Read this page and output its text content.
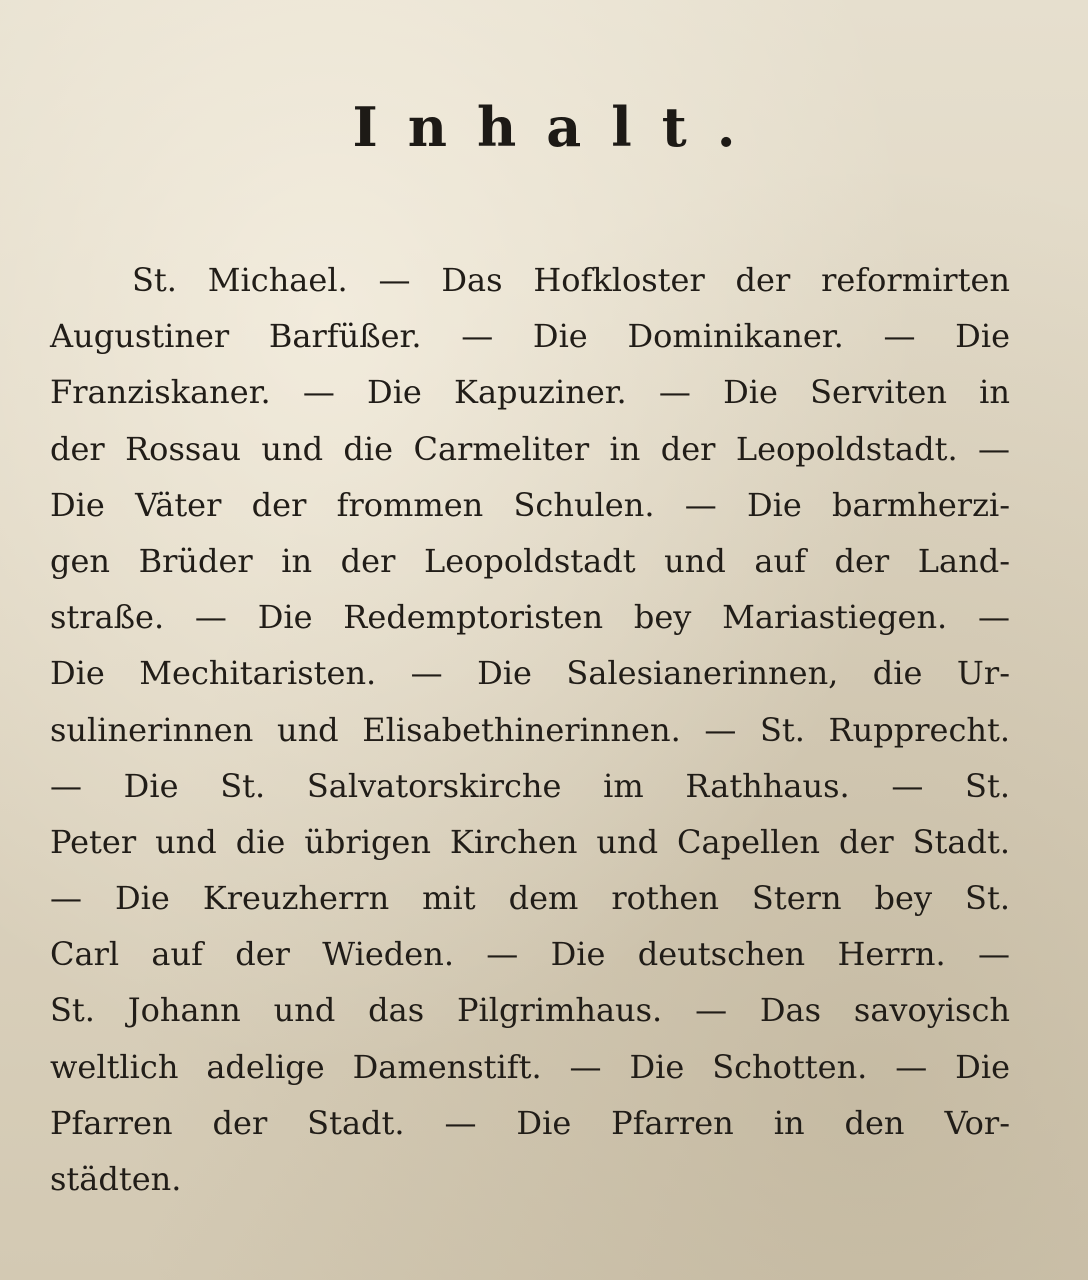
Inhalt.
St. Michael. — Das Hofkloster der reformirten
Augustiner Barfüßer. — Die Dominikaner. — Die
Franziskaner. — Die Kapuziner. — Die Serviten in
der Rossau und die Carmeliter in der Leopoldstadt. —
Die Väter der frommen Schulen. — Die barmherzi-
gen Brüder in der Leopoldstadt und auf der Land-
straße. — Die Redemptoristen bey Mariastiegen. —
Die Mechitaristen. — Die Salesianerinnen, die Ur-
sulinerinnen und Elisabethinerinnen. — St. Rupprecht.
— Die St. Salvatorskirche im Rathhaus. — St.
Peter und die übrigen Kirchen und Capellen der Stadt.
— Die Kreuzherrn mit dem rothen Stern bey St.
Carl auf der Wieden. — Die deutschen Herrn. —
St. Johann und das Pilgrimhaus. — Das savoyisch
weltlich adelige Damenstift. — Die Schotten. — Die
Pfarren der Stadt. — Die Pfarren in den Vor-
städten.
